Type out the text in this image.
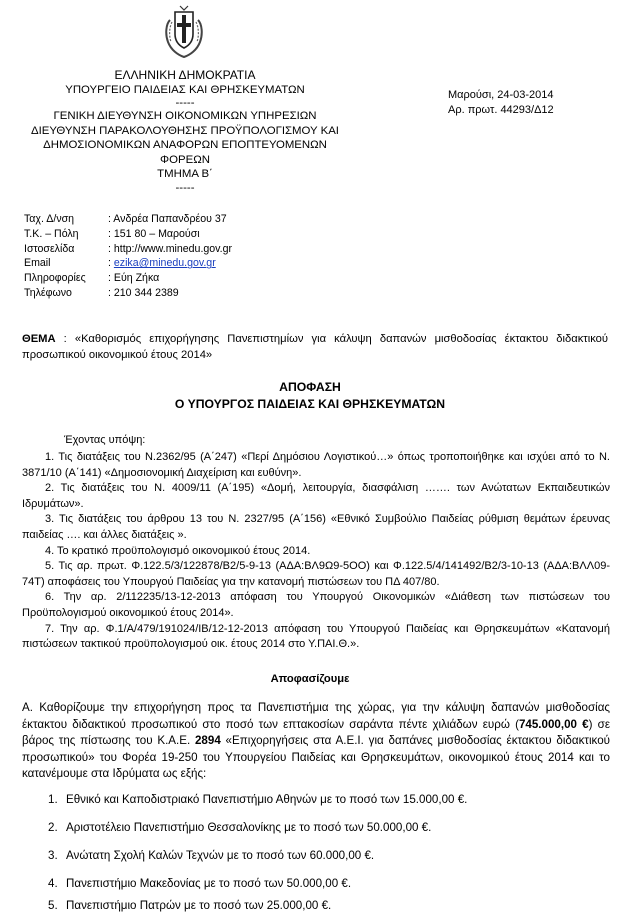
ΕΛΛΗΝΙΚΗ ΔΗΜΟΚΡΑΤΙΑ
ΥΠΟΥΡΓΕΙΟ ΠΑΙΔΕΙΑΣ ΚΑΙ ΘΡΗΣΚΕΥΜΑΤΩΝ
-----
ΓΕΝΙΚΗ ΔΙΕΥΘΥΝΣΗ ΟΙΚΟΝΟΜΙΚΩΝ ΥΠΗΡΕΣΙΩΝ
ΔΙΕΥΘΥΝΣΗ ΠΑΡΑΚΟΛΟΥΘΗΣΗΣ ΠΡΟΫΠΟΛΟΓΙΣΜΟΥ ΚΑΙ
ΔΗΜΟΣΙΟΝΟΜΙΚΩΝ ΑΝΑΦΟΡΩΝ ΕΠΟΠΤΕΥΟΜΕΝΩΝ ΦΟΡΕΩΝ
ΤΜΗΜΑ Β΄
-----
Μαρούσι, 24-03-2014
Αρ. πρωτ. 44293/Δ12
Ταχ. Δ/νση	: Ανδρέα Παπανδρέου 37
Τ.Κ. – Πόλη	: 151 80 – Μαρούσι
Ιστοσελίδα	: http://www.minedu.gov.gr
Email	: ezika@minedu.gov.gr
Πληροφορίες	: Εύη Ζήκα
Τηλέφωνο	: 210 344 2389
ΘΕΜΑ : «Καθορισμός επιχορήγησης Πανεπιστημίων για κάλυψη δαπανών μισθοδοσίας έκτακτου διδακτικού προσωπικού οικονομικού έτους 2014»
ΑΠΟΦΑΣΗ
Ο ΥΠΟΥΡΓΟΣ ΠΑΙΔΕΙΑΣ ΚΑΙ ΘΡΗΣΚΕΥΜΑΤΩΝ
Έχοντας υπόψη:
1. Τις διατάξεις του Ν.2362/95 (Α΄247) «Περί Δημόσιου Λογιστικού…» όπως τροποποιήθηκε και ισχύει από το Ν. 3871/10 (Α΄141) «Δημοσιονομική Διαχείριση και ευθύνη».
2. Τις διατάξεις του Ν. 4009/11 (Α΄195) «Δομή, λειτουργία, διασφάλιση ……. των Ανώτατων Εκπαιδευτικών Ιδρυμάτων».
3. Τις διατάξεις του άρθρου 13 του Ν. 2327/95 (Α΄156) «Εθνικό Συμβούλιο Παιδείας ρύθμιση θεμάτων έρευνας παιδείας …. και άλλες διατάξεις ».
4. Το κρατικό προϋπολογισμό οικονομικού έτους 2014.
5. Τις αρ. πρωτ. Φ.122.5/3/122878/Β2/5-9-13 (ΑΔΑ:ΒΛ9Ω9-5ΟΟ) και Φ.122.5/4/141492/Β2/3-10-13 (ΑΔΑ:ΒΛΛ09-74Τ) αποφάσεις του Υπουργού Παιδείας για την κατανομή πιστώσεων του ΠΔ 407/80.
6. Την αρ. 2/112235/13-12-2013 απόφαση του Υπουργού Οικονομικών «Διάθεση των πιστώσεων του Προϋπολογισμού οικονομικού έτους 2014».
7. Την αρ. Φ.1/Α/479/191024/ΙΒ/12-12-2013 απόφαση του Υπουργού Παιδείας και Θρησκευμάτων «Κατανομή πιστώσεων τακτικού προϋπολογισμού οικ. έτους 2014 στο Υ.ΠΑΙ.Θ.».
Αποφασίζουμε
Α. Καθορίζουμε την επιχορήγηση προς τα Πανεπιστήμια της χώρας, για την κάλυψη δαπανών μισθοδοσίας έκτακτου διδακτικού προσωπικού στο ποσό των επτακοσίων σαράντα πέντε χιλιάδων ευρώ (745.000,00 €) σε βάρος της πίστωσης του Κ.Α.Ε. 2894 «Επιχορηγήσεις στα Α.Ε.Ι. για δαπάνες μισθοδοσίας έκτακτου διδακτικού προσωπικού» του Φορέα 19-250 του Υπουργείου Παιδείας και Θρησκευμάτων, οικονομικού έτους 2014 και το κατανέμουμε στα Ιδρύματα ως εξής:
1. Εθνικό και Καποδιστριακό Πανεπιστήμιο Αθηνών με το ποσό των 15.000,00 €.
2. Αριστοτέλειο Πανεπιστήμιο Θεσσαλονίκης με το ποσό των 50.000,00 €.
3. Ανώτατη Σχολή Καλών Τεχνών με το ποσό των 60.000,00 €.
4. Πανεπιστήμιο Μακεδονίας με το ποσό των 50.000,00 €.
5. Πανεπιστήμιο Πατρών με το ποσό των 25.000,00 €.
